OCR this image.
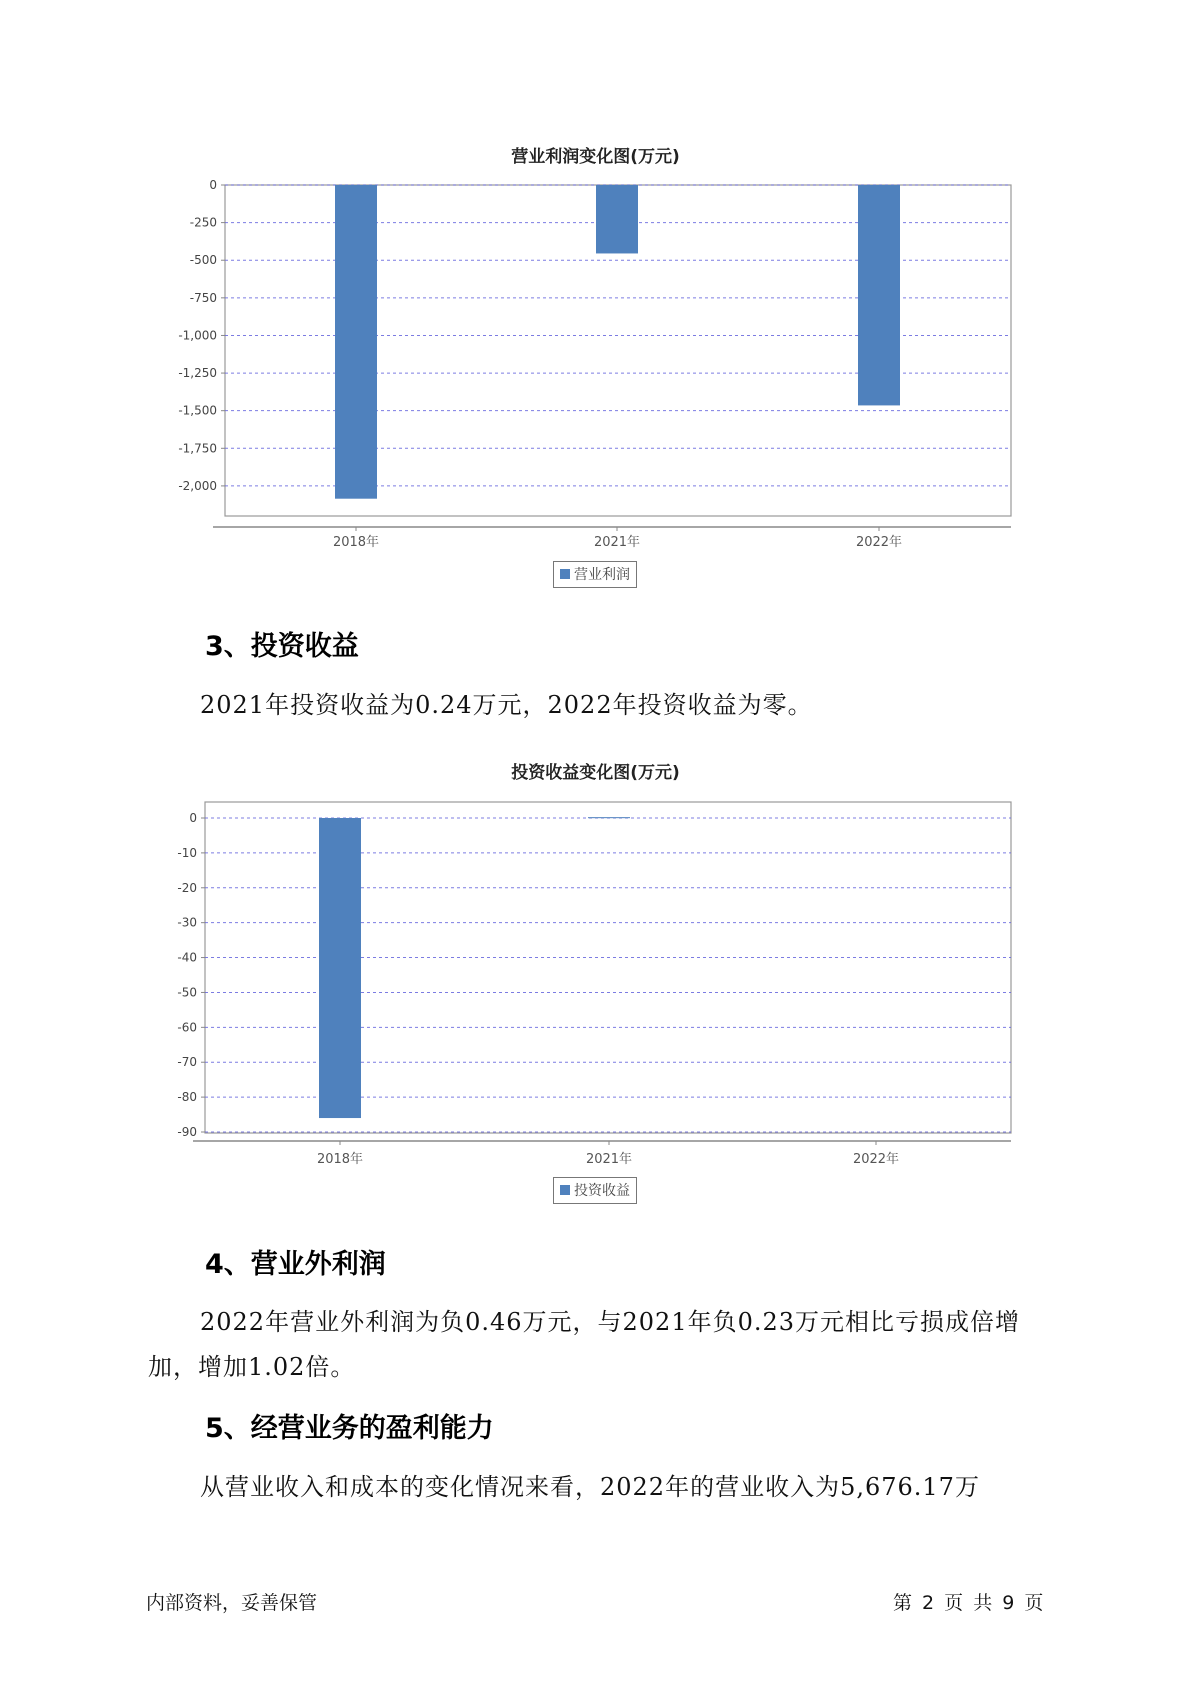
营业利润变化图(万元)
0
-250
-500
-750
-1,000
-1,250
-1,500
-1,750
-2,000
2018年	2021年	2022年
营业利润
3、投资收益
2021年投资收益为0.24万元，2022年投资收益为零。
投资收益变化图(万元)
0
-10
-20
-30
-40
-50
-60
-70
-80
-90
2018年	2021年	2022年
投资收益
4、营业外利润
2022年营业外利润为负0.46万元，与2021年负0.23万元相比亏损成倍增加，增加1.02倍。
5、经营业务的盈利能力
从营业收入和成本的变化情况来看，2022年的营业收入为5,676.17万
内部资料，妥善保管	第 2 页 共 9 页
